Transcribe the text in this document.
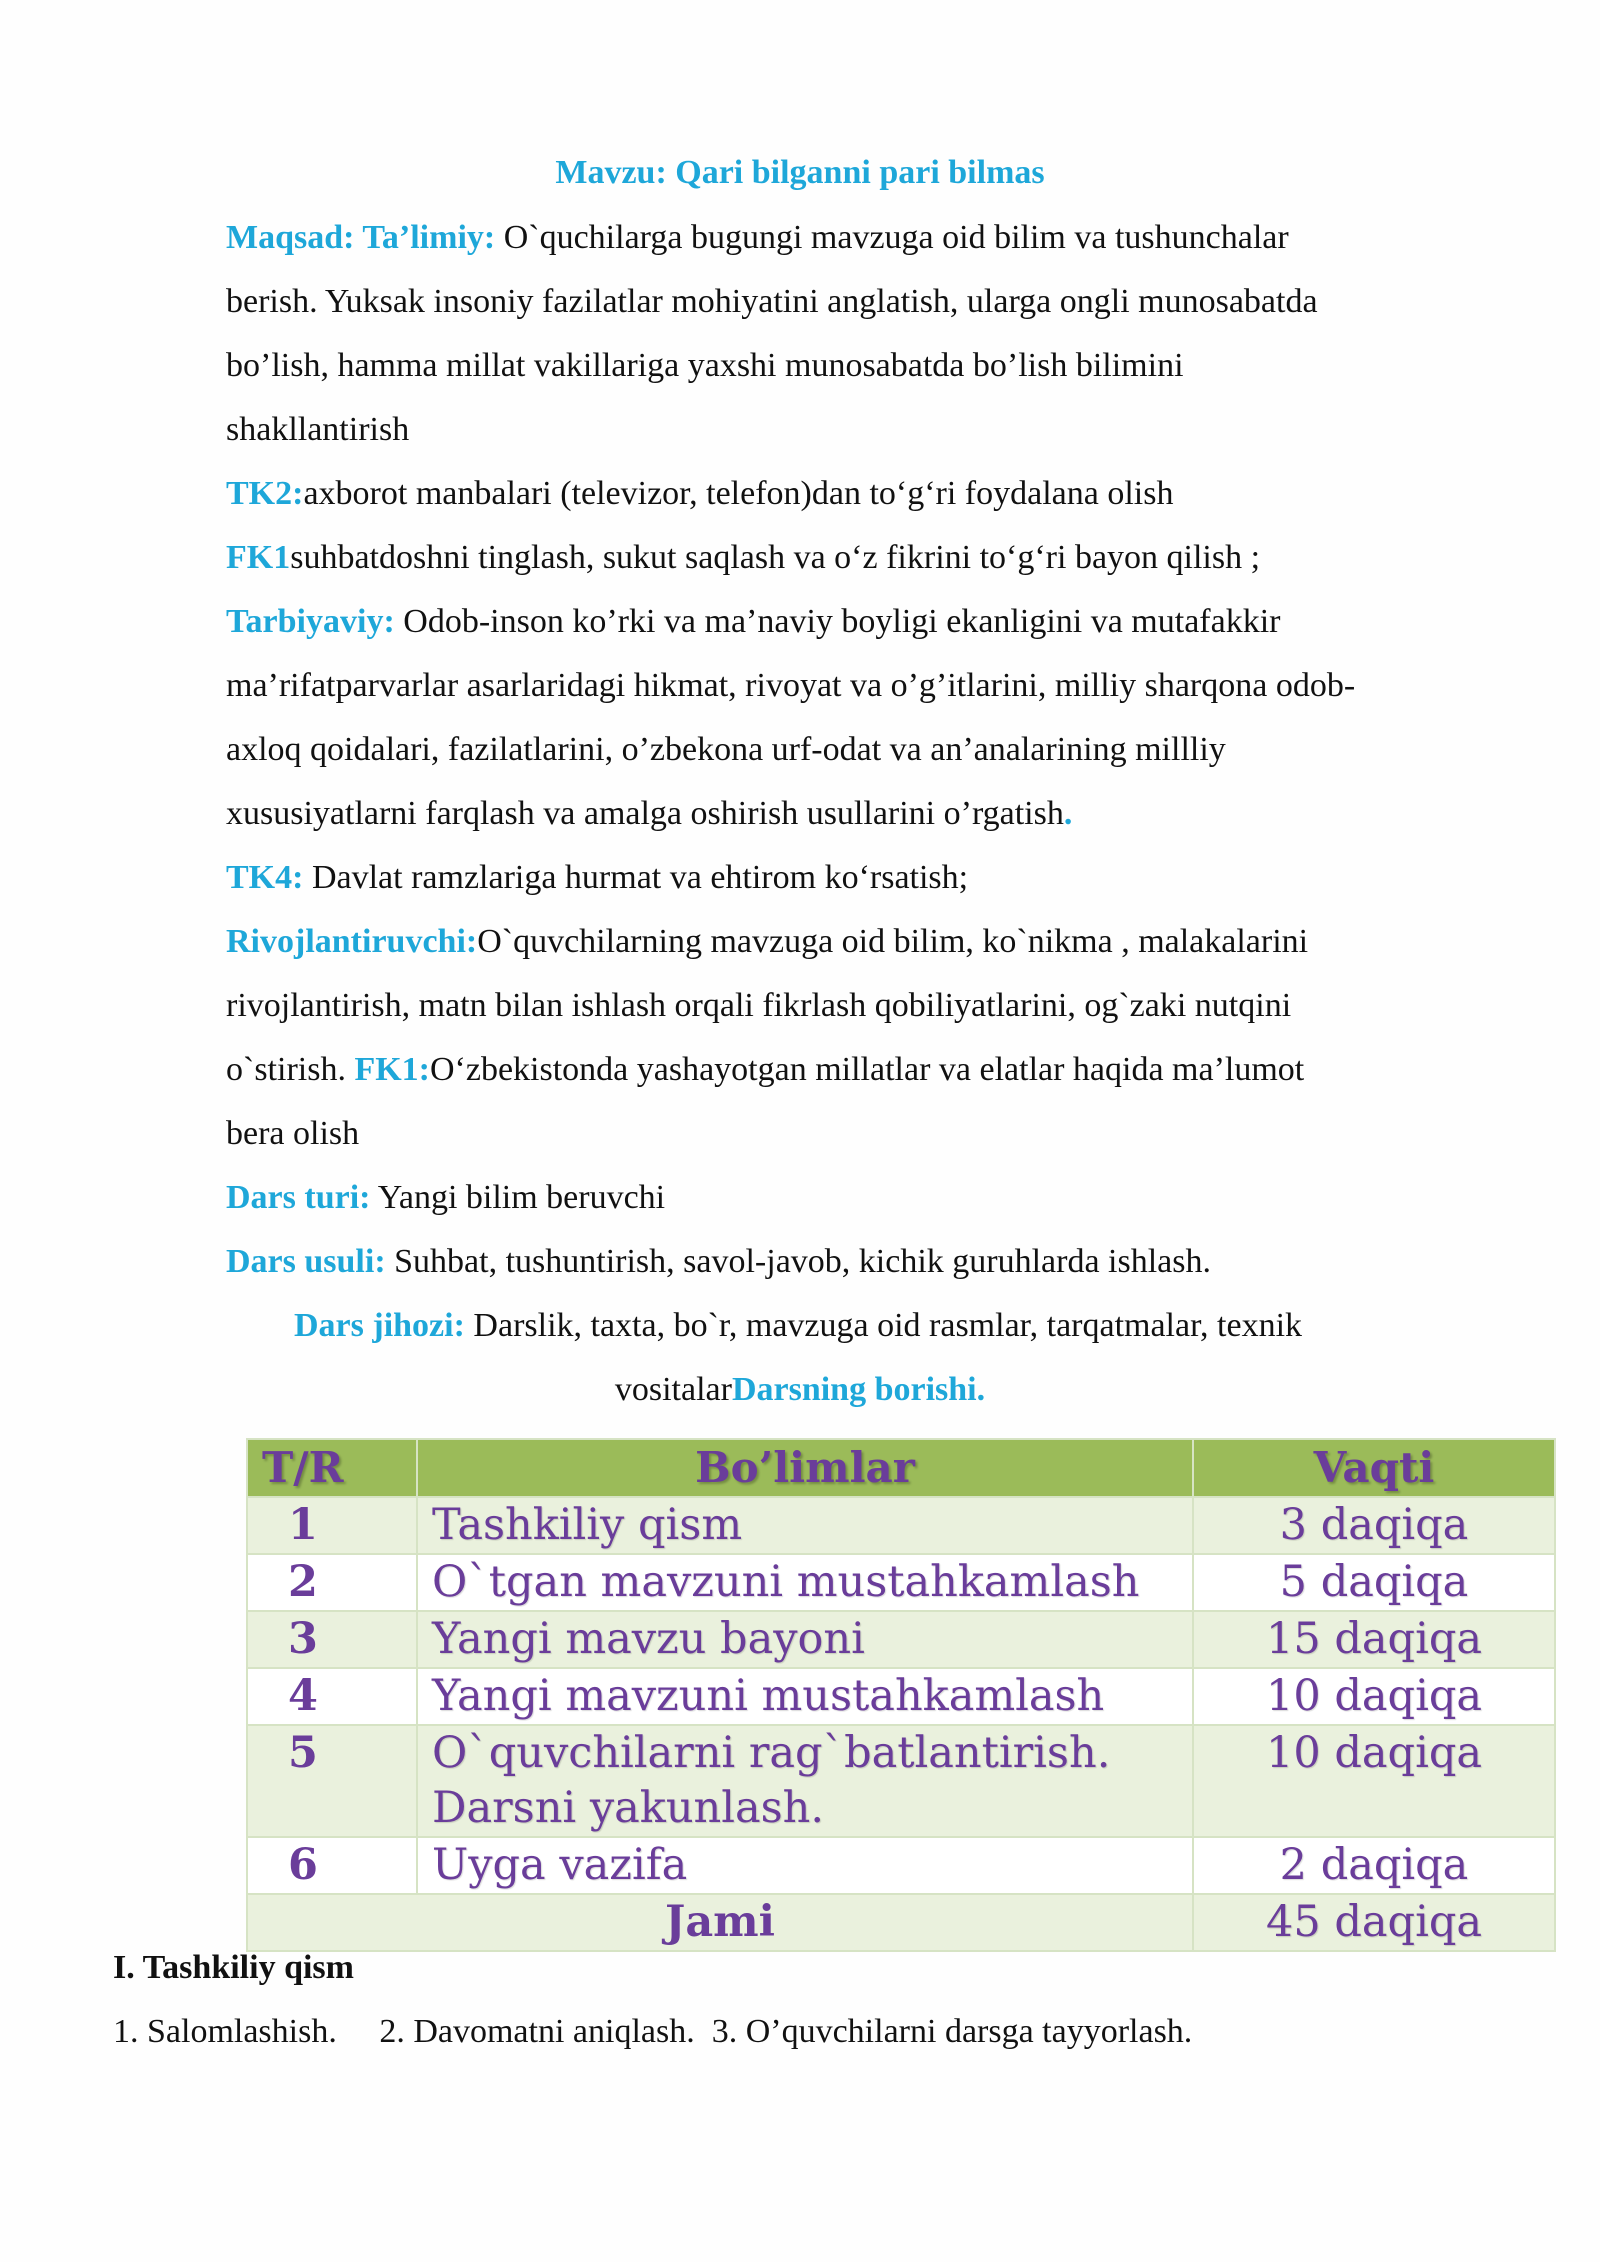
Mavzu: Qari bilganni pari bilmas
Maqsad: Ta’limiy: O`quchilarga bugungi mavzuga oid bilim va tushunchalar
berish. Yuksak insoniy fazilatlar mohiyatini anglatish, ularga ongli munosabatda
bo’lish, hamma millat vakillariga yaxshi munosabatda bo’lish bilimini
shakllantirish
TK2:axborot manbalari (televizor, telefon)dan to‘g‘ri foydalana olish
FK1suhbatdoshni tinglash, sukut saqlash va o‘z fikrini to‘g‘ri bayon qilish ;
Tarbiyaviy: Odob-inson ko’rki va ma’naviy boyligi ekanligini va mutafakkir
ma’rifatparvarlar asarlaridagi hikmat, rivoyat va o’g’itlarini, milliy sharqona odob-
axloq qoidalari, fazilatlarini, o’zbekona urf-odat va an’analarining millliy
xususiyatlarni farqlash va amalga oshirish usullarini o’rgatish.
TK4: Davlat ramzlariga hurmat va ehtirom ko‘rsatish;
Rivojlantiruvchi:O`quvchilarning mavzuga oid bilim, ko`nikma , malakalarini
rivojlantirish, matn bilan ishlash orqali fikrlash qobiliyatlarini, og`zaki nutqini
o`stirish. FK1:O‘zbekistonda yashayotgan millatlar va elatlar haqida ma’lumot
bera olish
Dars turi: Yangi bilim beruvchi
Dars usuli: Suhbat, tushuntirish, savol-javob, kichik guruhlarda ishlash.
Dars jihozi: Darslik, taxta, bo`r, mavzuga oid rasmlar, tarqatmalar, texnik
vositalarDarsning borishi.
T/R	Bo’limlar	Vaqti
1	Tashkiliy qism	3 daqiqa
2	O`tgan mavzuni mustahkamlash	5 daqiqa
3	Yangi mavzu bayoni	15 daqiqa
4	Yangi mavzuni mustahkamlash	10 daqiqa
5	O`quvchilarni rag`batlantirish. Darsni yakunlash.	10 daqiqa
6	Uyga vazifa	2 daqiqa
Jami		45 daqiqa
I. Tashkiliy qism
1. Salomlashish.     2. Davomatni aniqlash.  3. O’quvchilarni darsga tayyorlash.
